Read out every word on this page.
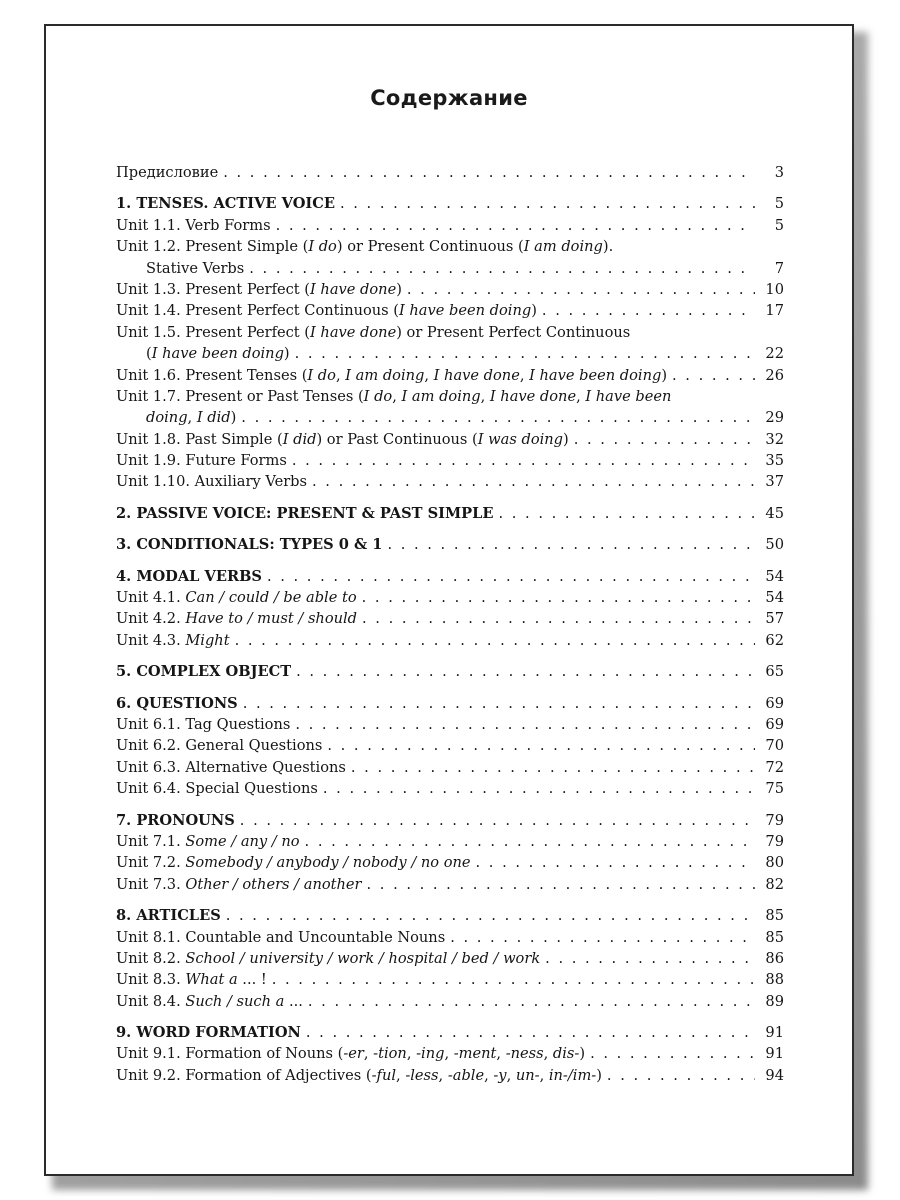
Содержание
Предисловие . . .	3
1. TENSES. ACTIVE VOICE . . .	5
Unit 1.1. Verb Forms . . .	5
Unit 1.2. Present Simple (I do) or Present Continuous (I am doing).
Stative Verbs . . .	7
Unit 1.3. Present Perfect (I have done) . . .	10
Unit 1.4. Present Perfect Continuous (I have been doing) . . .	17
Unit 1.5. Present Perfect (I have done) or Present Perfect Continuous
(I have been doing) . . .	22
Unit 1.6. Present Tenses (I do, I am doing, I have done, I have been doing) . . .	26
Unit 1.7. Present or Past Tenses (I do, I am doing, I have done, I have been
doing, I did) . . .	29
Unit 1.8. Past Simple (I did) or Past Continuous (I was doing) . . .	32
Unit 1.9. Future Forms . . .	35
Unit 1.10. Auxiliary Verbs . . .	37
2. PASSIVE VOICE: PRESENT & PAST SIMPLE . . .	45
3. CONDITIONALS: TYPES 0 & 1 . . .	50
4. MODAL VERBS . . .	54
Unit 4.1. Can / could / be able to . . .	54
Unit 4.2. Have to / must / should . . .	57
Unit 4.3. Might . . .	62
5. COMPLEX OBJECT . . .	65
6. QUESTIONS . . .	69
Unit 6.1. Tag Questions . . .	69
Unit 6.2. General Questions . . .	70
Unit 6.3. Alternative Questions . . .	72
Unit 6.4. Special Questions . . .	75
7. PRONOUNS . . .	79
Unit 7.1. Some / any / no . . .	79
Unit 7.2. Somebody / anybody / nobody / no one . . .	80
Unit 7.3. Other / others / another . . .	82
8. ARTICLES . . .	85
Unit 8.1. Countable and Uncountable Nouns . . .	85
Unit 8.2. School / university / work / hospital / bed / work . . .	86
Unit 8.3. What a ... ! . . .	88
Unit 8.4. Such / such a ... . . .	89
9. WORD FORMATION . . .	91
Unit 9.1. Formation of Nouns (-er, -tion, -ing, -ment, -ness, dis-) . . .	91
Unit 9.2. Formation of Adjectives (-ful, -less, -able, -y, un-, in-/im-) . . .	94
